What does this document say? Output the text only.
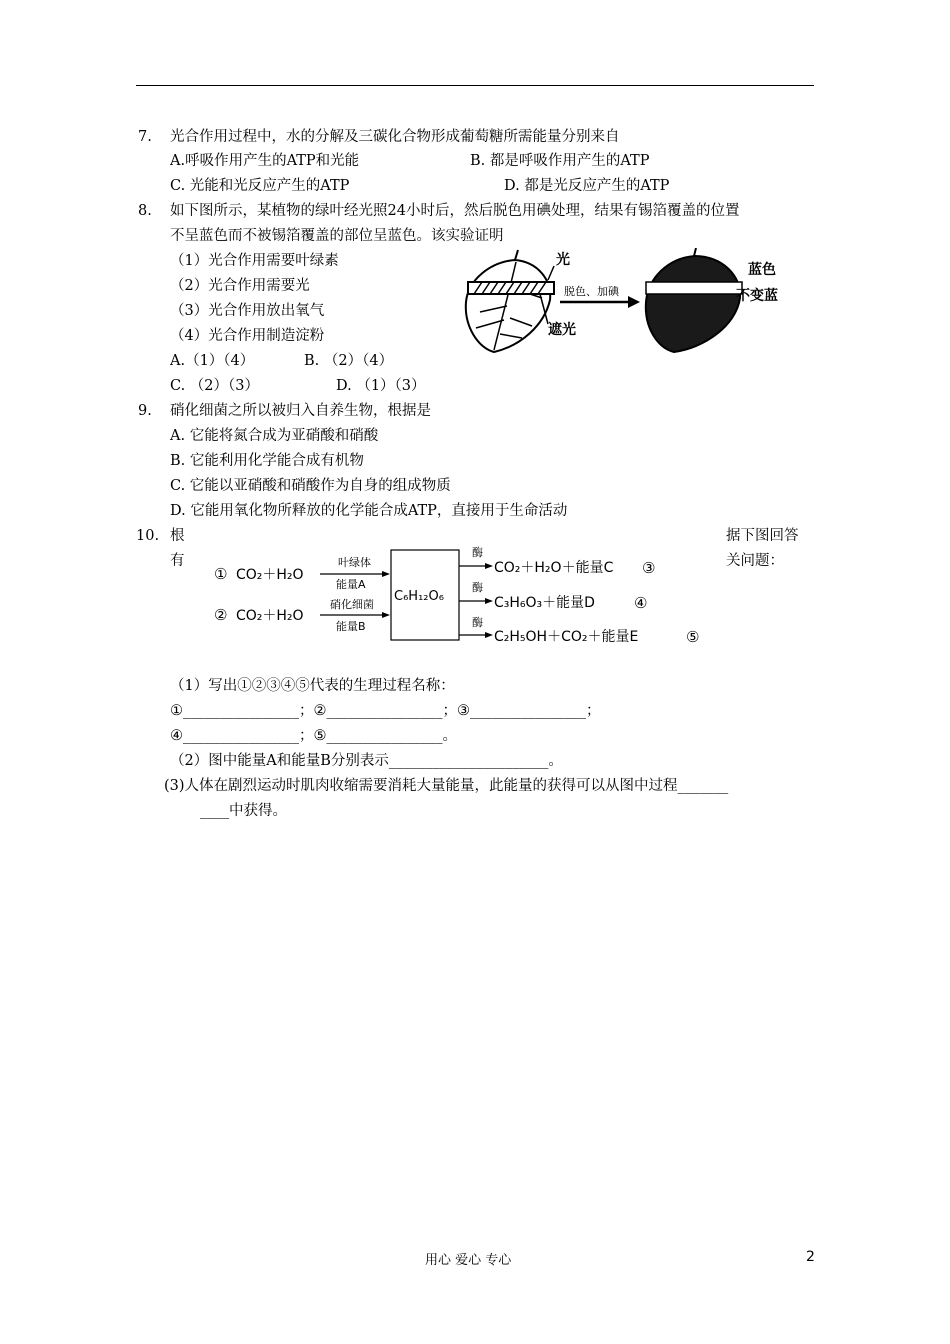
7. 光合作用过程中，水的分解及三碳化合物形成葡萄糖所需能量分别来自
A.呼吸作用产生的ATP和光能	B. 都是呼吸作用产生的ATP
C. 光能和光反应产生的ATP	D. 都是光反应产生的ATP
8. 如下图所示，某植物的绿叶经光照24小时后，然后脱色用碘处理，结果有锡箔覆盖的位置
不呈蓝色而不被锡箔覆盖的部位呈蓝色。该实验证明
（1）光合作用需要叶绿素
（2）光合作用需要光
（3）光合作用放出氧气
（4）光合作用制造淀粉
A.（1）（4）	B. （2）（4）
C. （2）（3）	D. （1）（3）
光
遮光
脱色、加碘
蓝色
不变蓝
9. 硝化细菌之所以被归入自养生物，根据是
A. 它能将氮合成为亚硝酸和硝酸
B. 它能利用化学能合成有机物
C. 它能以亚硝酸和硝酸作为自身的组成物质
D. 它能用氧化物所释放的化学能合成ATP，直接用于生命活动
10. 根
有
据下图回答
关问题：
① CO₂＋H₂O
叶绿体
能量A
② CO₂＋H₂O
硝化细菌
能量B
C₆H₁₂O₆
酶
CO₂＋H₂O＋能量C ③
酶
C₃H₆O₃＋能量D	④
酶
C₂H₅OH＋CO₂＋能量E	⑤
（1）写出①②③④⑤代表的生理过程名称：
①________________；②________________；③________________；
④________________；⑤________________。
（2）图中能量A和能量B分别表示______________________。
(3)人体在剧烈运动时肌肉收缩需要消耗大量能量，此能量的获得可以从图中过程_______
____中获得。
用心 爱心 专心	2
